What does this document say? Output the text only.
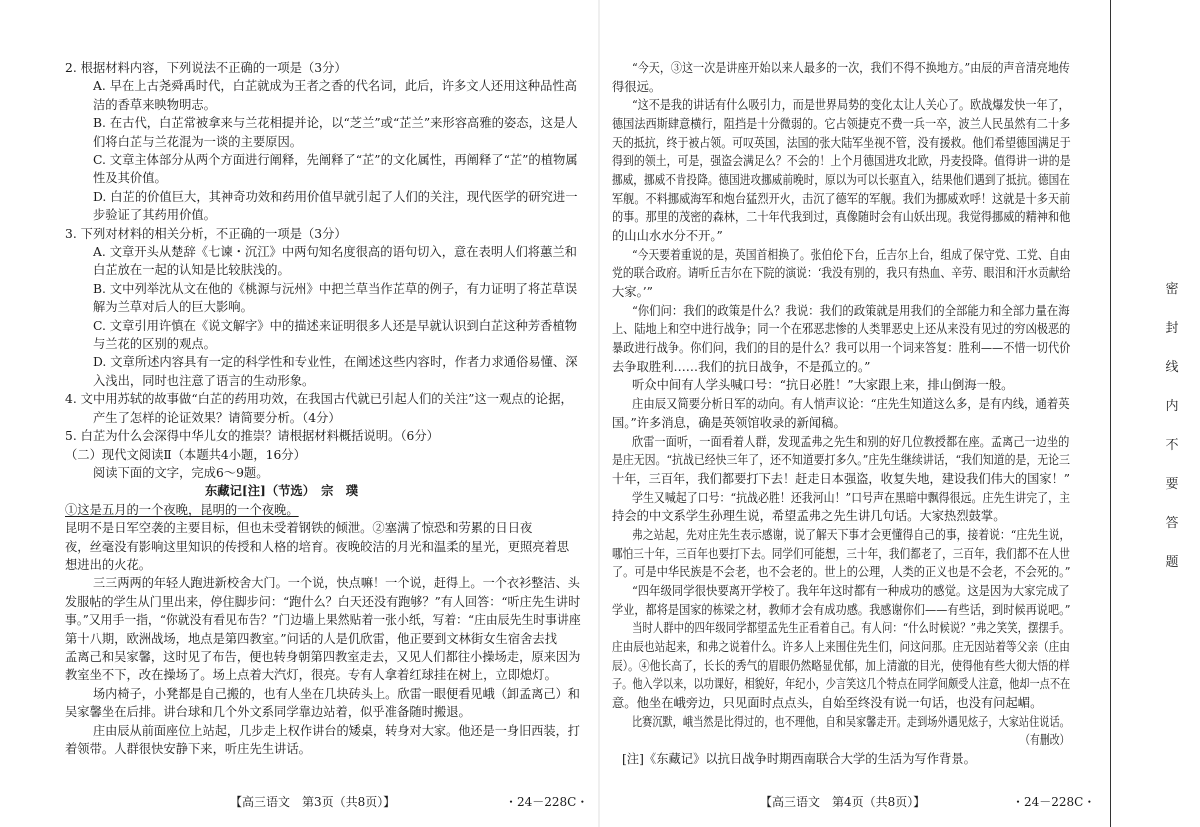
2. 根据材料内容，下列说法不正确的一项是（3分）
A. 早在上古尧舜禹时代，白芷就成为王者之香的代名词，此后，许多文人还用这种品性高
洁的香草来映物明志。
B. 在古代，白芷常被拿来与兰花相提并论，以“芝兰”或“芷兰”来形容高雅的姿态，这是人
们将白芷与兰花混为一谈的主要原因。
C. 文章主体部分从两个方面进行阐释，先阐释了“芷”的文化属性，再阐释了“芷”的植物属
性及其价值。
D. 白芷的价值巨大，其神奇功效和药用价值早就引起了人们的关注，现代医学的研究进一
步验证了其药用价值。
3. 下列对材料的相关分析，不正确的一项是（3分）
A. 文章开头从楚辞《七谏・沉江》中两句知名度很高的语句切入，意在表明人们将蕙兰和
白芷放在一起的认知是比较肤浅的。
B. 文中列举沈从文在他的《桃源与沅州》中把兰草当作芷草的例子，有力证明了将芷草误
解为兰草对后人的巨大影响。
C. 文章引用许慎在《说文解字》中的描述来证明很多人还是早就认识到白芷这种芳香植物
与兰花的区别的观点。
D. 文章所述内容具有一定的科学性和专业性，在阐述这些内容时，作者力求通俗易懂、深
入浅出，同时也注意了语言的生动形象。
4. 文中用苏轼的故事做“白芷的药用功效，在我国古代就已引起人们的关注”这一观点的论据，
产生了怎样的论证效果？请简要分析。（4分）
5. 白芷为什么会深得中华儿女的推崇？请根据材料概括说明。（6分）
（二）现代文阅读Ⅱ（本题共4小题，16分）
阅读下面的文字，完成6～9题。
东藏记[注]（节选）　宗　璞
①这是五月的一个夜晚，昆明的一个夜晚。
昆明不是日军空袭的主要目标，但也未受着钢铁的倾泄。②塞满了惊恐和劳累的日日夜
夜，丝毫没有影响这里知识的传授和人格的培育。夜晚皎洁的月光和温柔的星光，更照亮着思
想进出的火花。
三三两两的年轻人跑进新校舍大门。一个说，快点嘛！一个说，赶得上。一个衣衫整洁、头
发服帖的学生从门里出来，停住脚步问：“跑什么？白天还没有跑够？”有人回答：“听庄先生讲时
事。”又用手一指，“你就没有看见布告？”门边墙上果然贴着一张小纸，写着：“庄由辰先生时事讲座
第十八期，欧洲战场，地点是第四教室。”问话的人是仉欣雷，他正要到文林街女生宿舍去找
孟离己和吴家馨，这时见了布告，便也转身朝第四教室走去，又见人们都往小操场走，原来因为
教室坐不下，改在操场了。场上点着大汽灯，很亮。专有人拿着红球挂在树上，立即熄灯。
场内椅子，小凳都是自己搬的，也有人坐在几块砖头上。欣雷一眼便看见峨（卸孟离己）和
吴家馨坐在后排。讲台球和几个外文系同学靠边站着，似乎准备随时搬退。
庄由辰从前面座位上站起，几步走上权作讲台的矮桌，转身对大家。他还是一身旧西装，打
着领带。人群很快安静下来，听庄先生讲话。
【高三语文　第3页（共8页）】	・24－228C・
“今天，③这一次是讲座开始以来人最多的一次，我们不得不换地方。”由辰的声音清亮地传
得很远。
“这不是我的讲话有什么吸引力，而是世界局势的变化太让人关心了。欧战爆发快一年了，
德国法西斯肆意横行，阻挡是十分微弱的。它占领捷克不费一兵一卒，波兰人民虽然有二十多
天的抵抗，终于被占领。可叹英国，法国的张大陆军坐视不管，没有援救。他们希望德国满足于
得到的领土，可是，强盗会满足么？不会的！上个月德国进攻北欧，丹麦投降。值得讲一讲的是
挪威，挪威不肯投降。德国进攻挪威前晚时，原以为可以长驱直入，结果他们遇到了抵抗。德国在
军舰。不料挪威海军和炮台猛烈开火，击沉了德军的军舰。我们为挪威欢呼！这就是十多天前
的事。那里的茂密的森林，二十年代我到过，真像随时会有山妖出现。我觉得挪威的精神和他
的山山水水分不开。”
“今天要着重说的是，英国首相换了。张伯伦下台，丘吉尔上台，组成了保守党、工党、自由
党的联合政府。请听丘吉尔在下院的演说：‘我没有别的，我只有热血、辛劳、眼泪和汗水贡献给
大家。’”
“你们问：我们的政策是什么？我说：我们的政策就是用我们的全部能力和全部力量在海
上、陆地上和空中进行战争；同一个在邪恶悲惨的人类罪恶史上还从来没有见过的穷凶极恶的
暴政进行战争。你们问，我们的目的是什么？我可以用一个词来答复：胜利——不惜一切代价
去争取胜利……我们的抗日战争，不是孤立的。”
听众中间有人学头喊口号：“抗日必胜！”大家跟上来，排山倒海一般。
庄由辰又简要分析日军的动向。有人悄声议论：“庄先生知道这么多，是有内线，通着英
国。”许多消息，确是英领馆收录的新闻稿。
欣雷一面听，一面看着人群，发现孟弗之先生和别的好几位教授都在座。孟离己一边坐的
是庄无因。“抗战已经快三年了，还不知道要打多久。”庄先生继续讲话，“我们知道的是，无论三
十年，三百年，我们都要打下去！赶走日本强盗，收复失地，建设我们伟大的国家！”
学生又喊起了口号：“抗战必胜！还我河山！”口号声在黑暗中飘得很远。庄先生讲完了，主
持会的中文系学生孙理生说，希望孟弗之先生讲几句话。大家热烈鼓掌。
弗之站起，先对庄先生表示感谢，说了解天下事才会更懂得自己的事，接着说：“庄先生说，
哪怕三十年，三百年也要打下去。同学们可能想，三十年，我们都老了，三百年，我们都不在人世
了。可是中华民族是不会老，也不会老的。世上的公理，人类的正义也是不会老，不会死的。”
“四年级同学很快要离开学校了。我年年这时都有一种成功的感觉。这是因为大家完成了
学业，都将是国家的栋梁之材，教师才会有成功感。我感谢你们——有些话，到时候再说吧。”
当时人群中的四年级同学都望孟先生正看着自己。有人问：“什么时候说？”弗之笑笑，摆摆手。
庄由辰也站起来，和弗之说着什么。许多人上来围住先生们，问这问那。庄无因站着等父亲（庄由
辰）。④他长高了，长长的秀气的眉眼仍然略显优郁，加上清澈的目光，使得他有些大彻大悟的样
子。他入学以来，以功课好，相貌好，年纪小，少言笑这几个特点在同学间颇受人注意，他却一点不在
意。他坐在峨旁边，只见面时点点头，自始至终没有说一句话，也没有问起嵋。
比赛沉默，峨当然是比得过的，也不理他，自和吴家馨走开。走到场外遇见炫子，大家站住说话。
（有删改）
[注]《东藏记》以抗日战争时期西南联合大学的生活为写作背景。
【高三语文　第4页（共8页）】	・24－228C・
密
封
线
内
不
要
答
题
